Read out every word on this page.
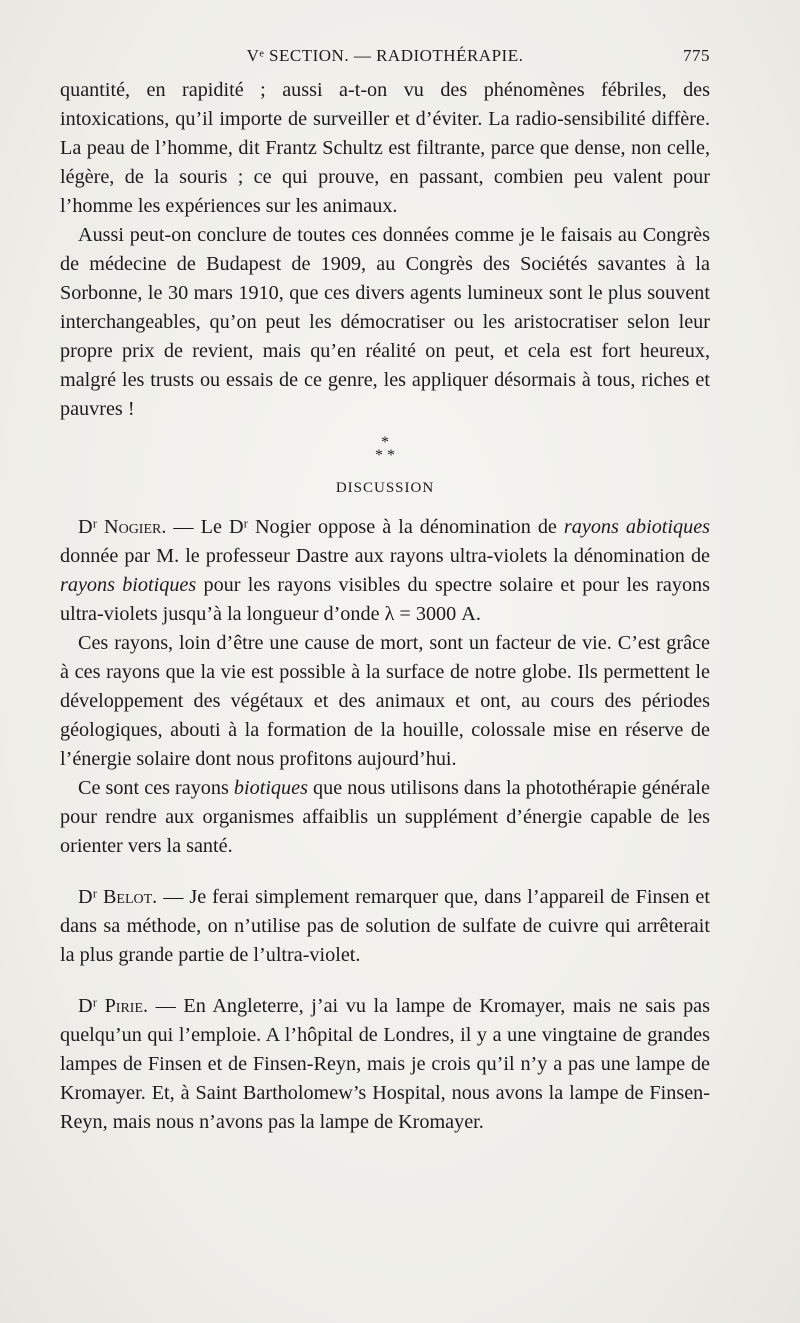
Vᵉ SECTION. — RADIOTHÉRAPIE.	775

quantité, en rapidité ; aussi a-t-on vu des phénomènes fébriles, des intoxications, qu’il importe de surveiller et d’éviter. La radio-sensibilité diffère. La peau de l’homme, dit Frantz Schultz est filtrante, parce que dense, non celle, légère, de la souris ; ce qui prouve, en passant, combien peu valent pour l’homme les expériences sur les animaux.

Aussi peut-on conclure de toutes ces données comme je le faisais au Congrès de médecine de Budapest de 1909, au Congrès des Sociétés savantes à la Sorbonne, le 30 mars 1910, que ces divers agents lumineux sont le plus souvent interchangeables, qu’on peut les démocratiser ou les aristocratiser selon leur propre prix de revient, mais qu’en réalité on peut, et cela est fort heureux, malgré les trusts ou essais de ce genre, les appliquer désormais à tous, riches et pauvres !

*
* *

DISCUSSION

Dʳ Nogier. — Le Dʳ Nogier oppose à la dénomination de rayons abiotiques donnée par M. le professeur Dastre aux rayons ultra-violets la dénomination de rayons biotiques pour les rayons visibles du spectre solaire et pour les rayons ultra-violets jusqu’à la longueur d’onde λ = 3000 A.

Ces rayons, loin d’être une cause de mort, sont un facteur de vie. C’est grâce à ces rayons que la vie est possible à la surface de notre globe. Ils permettent le développement des végétaux et des animaux et ont, au cours des périodes géologiques, abouti à la formation de la houille, colossale mise en réserve de l’énergie solaire dont nous profitons aujourd’hui.

Ce sont ces rayons biotiques que nous utilisons dans la photothérapie générale pour rendre aux organismes affaiblis un supplément d’énergie capable de les orienter vers la santé.

Dʳ Belot. — Je ferai simplement remarquer que, dans l’appareil de Finsen et dans sa méthode, on n’utilise pas de solution de sulfate de cuivre qui arrêterait la plus grande partie de l’ultra-violet.

Dʳ Pirie. — En Angleterre, j’ai vu la lampe de Kromayer, mais ne sais pas quelqu’un qui l’emploie. A l’hôpital de Londres, il y a une vingtaine de grandes lampes de Finsen et de Finsen-Reyn, mais je crois qu’il n’y a pas une lampe de Kromayer. Et, à Saint Bartholomew’s Hospital, nous avons la lampe de Finsen-Reyn, mais nous n’avons pas la lampe de Kromayer.
